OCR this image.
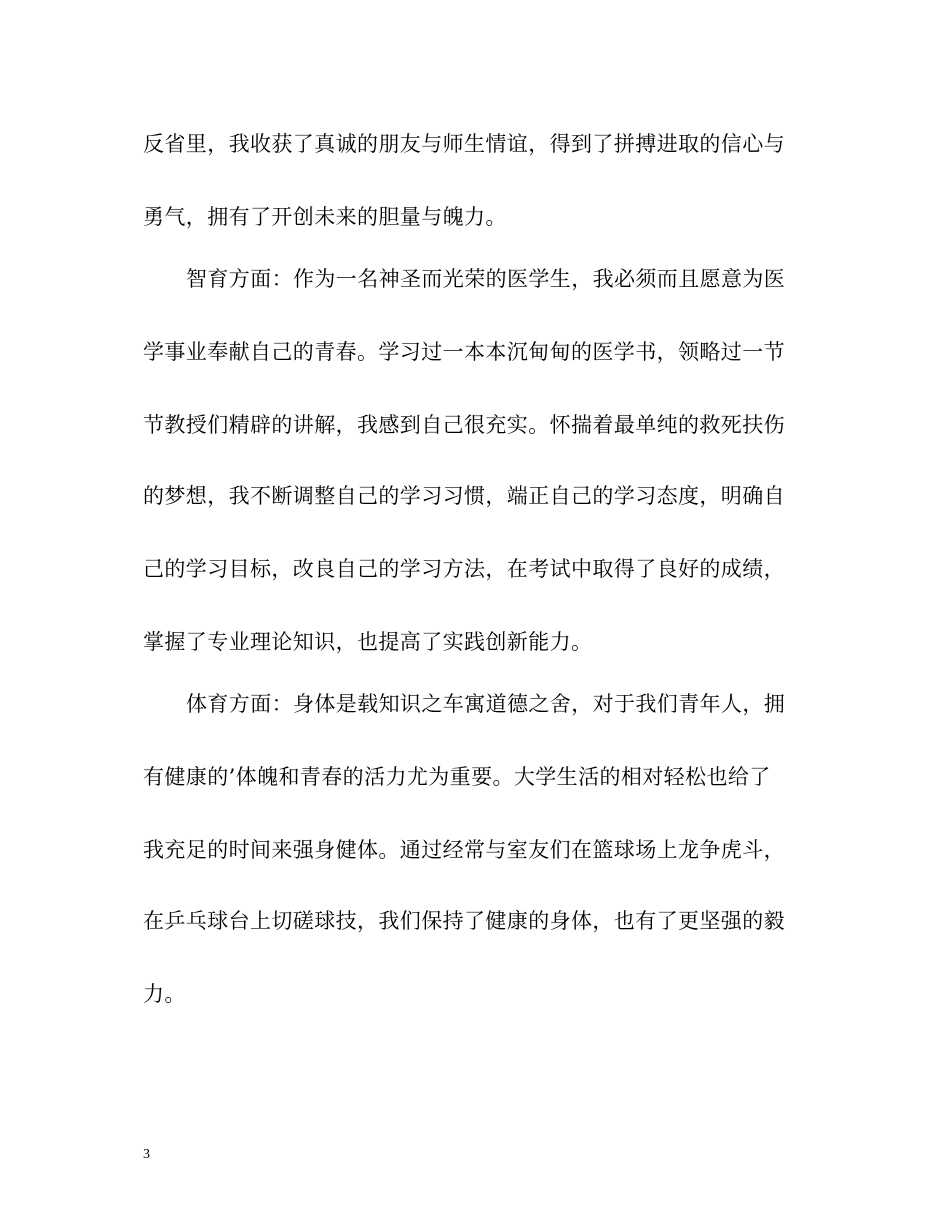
反省里，我收获了真诚的朋友与师生情谊，得到了拼搏进取的信心与
勇气，拥有了开创未来的胆量与魄力。
智育方面：作为一名神圣而光荣的医学生，我必须而且愿意为医
学事业奉献自己的青春。学习过一本本沉甸甸的医学书，领略过一节
节教授们精辟的讲解，我感到自己很充实。怀揣着最单纯的救死扶伤
的梦想，我不断调整自己的学习习惯，端正自己的学习态度，明确自
己的学习目标，改良自己的学习方法，在考试中取得了良好的成绩，
掌握了专业理论知识，也提高了实践创新能力。
体育方面：身体是载知识之车寓道德之舍，对于我们青年人，拥
有健康的’体魄和青春的活力尤为重要。大学生活的相对轻松也给了
我充足的时间来强身健体。通过经常与室友们在篮球场上龙争虎斗，
在乒乓球台上切磋球技，我们保持了健康的身体，也有了更坚强的毅
力。
3
